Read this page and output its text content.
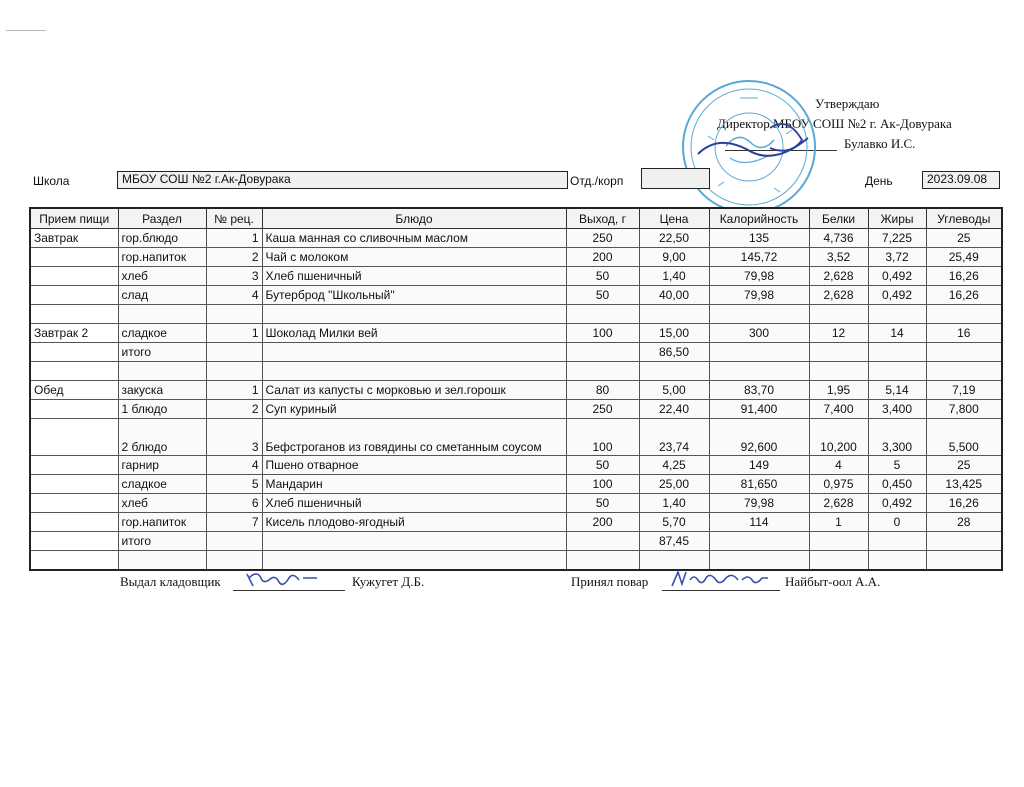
Утверждаю
Директор МБОУ СОШ №2 г. Ак-Довурака
Булавко И.С.
Школа	МБОУ СОШ №2 г.Ак-Довурака	Отд./корп	День	2023.09.08
Прием пищи	Раздел	№ рец.	Блюдо	Выход, г	Цена	Калорийность	Белки	Жиры	Углеводы
Завтрак	гор.блюдо	1	Каша манная со сливочным маслом	250	22,50	135	4,736	7,225	25
	гор.напиток	2	Чай с молоком	200	9,00	145,72	3,52	3,72	25,49
	хлеб	3	Хлеб пшеничный	50	1,40	79,98	2,628	0,492	16,26
	слад	4	Бутерброд "Школьный"	50	40,00	79,98	2,628	0,492	16,26

Завтрак 2	сладкое	1	Шоколад Милки вей	100	15,00	300	12	14	16
	итого				86,50				

Обед	закуска	1	Салат из капусты с морковью и зел.горошк	80	5,00	83,70	1,95	5,14	7,19
	1 блюдо	2	Суп куриный	250	22,40	91,400	7,400	3,400	7,800
	2 блюдо	3	Бефстроганов из говядины со сметанным соусом	100	23,74	92,600	10,200	3,300	5,500
	гарнир	4	Пшено отварное	50	4,25	149	4	5	25
	сладкое	5	Мандарин	100	25,00	81,650	0,975	0,450	13,425
	хлеб	6	Хлеб пшеничный	50	1,40	79,98	2,628	0,492	16,26
	гор.напиток	7	Кисель плодово-ягодный	200	5,70	114	1	0	28
	итого				87,45				

Выдал кладовщик	Кужугет Д.Б.	Принял повар	Найбыт-оол А.А.
